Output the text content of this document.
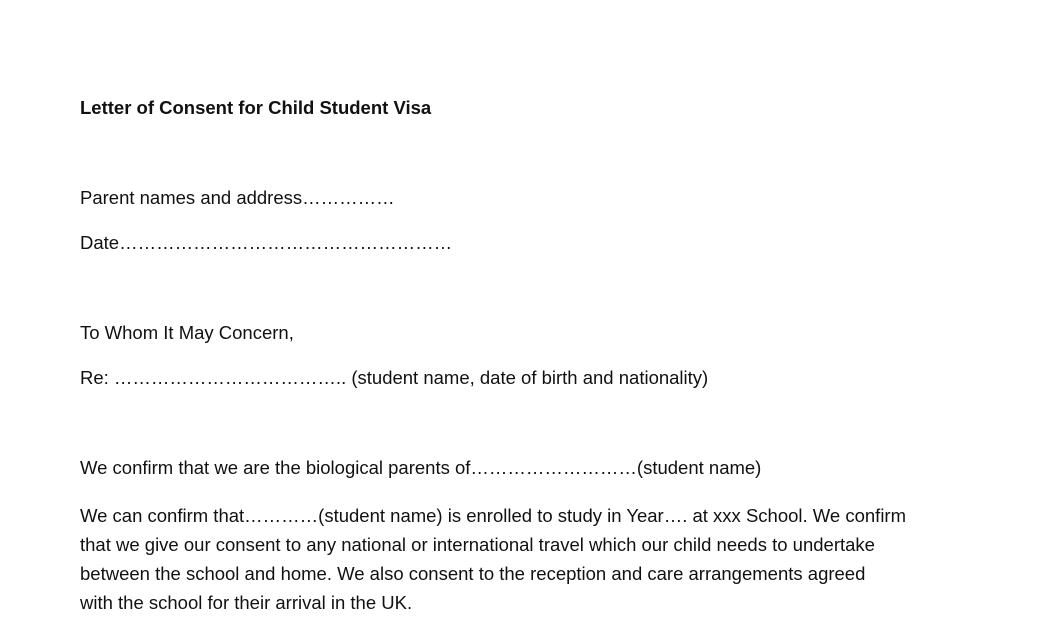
Letter of Consent for Child Student Visa
Parent names and address……………
Date………………………………………………
To Whom It May Concern,
Re: ……………………………….. (student name, date of birth and nationality)
We confirm that we are the biological parents of………………………(student name)
We can confirm that…………(student name) is enrolled to study in Year…. at xxx School. We confirm
that we give our consent to any national or international travel which our child needs to undertake
between the school and home. We also consent to the reception and care arrangements agreed
with the school for their arrival in the UK.
